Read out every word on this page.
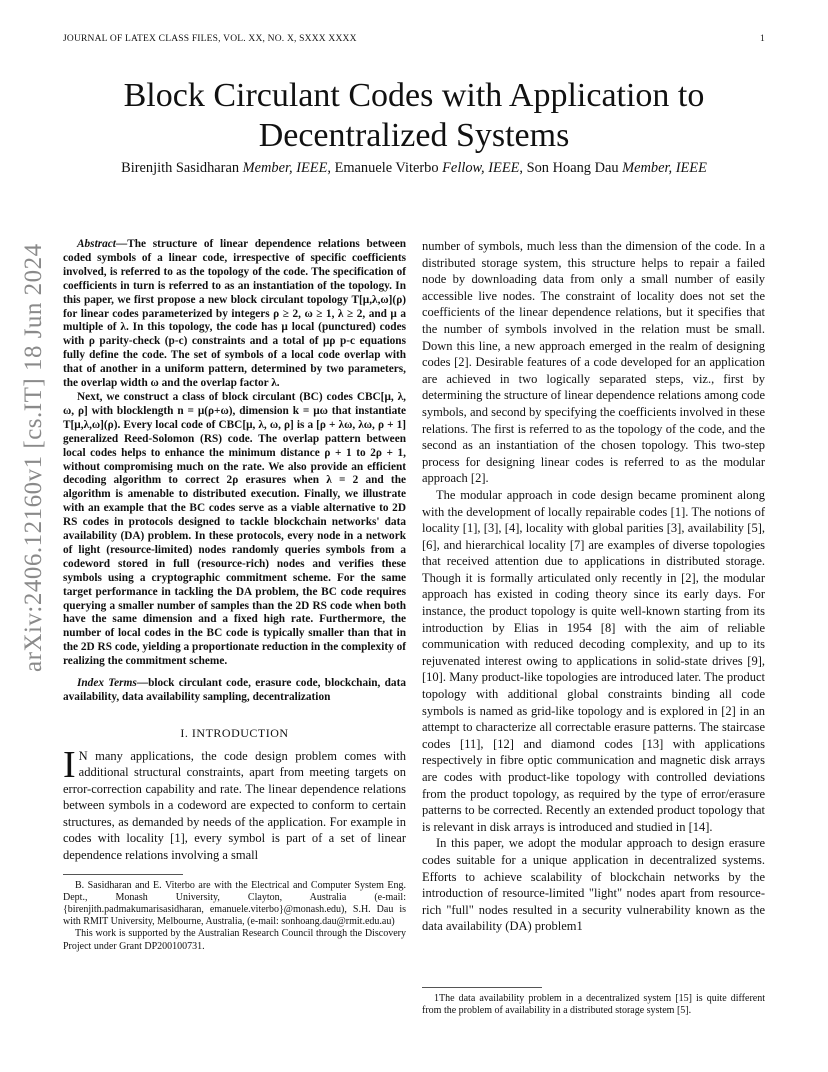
JOURNAL OF LATEX CLASS FILES, VOL. XX, NO. X, SXXX XXXX	1
arXiv:2406.12160v1 [cs.IT] 18 Jun 2024
Block Circulant Codes with Application to Decentralized Systems
Birenjith Sasidharan Member, IEEE, Emanuele Viterbo Fellow, IEEE, Son Hoang Dau Member, IEEE

Abstract—The structure of linear dependence relations between coded symbols of a linear code, irrespective of specific coefficients involved, is referred to as the topology of the code. The specification of coefficients in turn is referred to as an instantiation of the topology. In this paper, we first propose a new block circulant topology T[μ,λ,ω](ρ) for linear codes parameterized by integers ρ ≥ 2, ω ≥ 1, λ ≥ 2, and μ a multiple of λ. In this topology, the code has μ local (punctured) codes with ρ parity-check (p-c) constraints and a total of μρ p-c equations fully define the code. The set of symbols of a local code overlap with that of another in a uniform pattern, determined by two parameters, the overlap width ω and the overlap factor λ.

Next, we construct a class of block circulant (BC) codes CBC[μ, λ, ω, ρ] with blocklength n = μ(ρ+ω), dimension k = μω that instantiate T[μ,λ,ω](ρ). Every local code of CBC[μ, λ, ω, ρ] is a [ρ + λω, λω, ρ + 1] generalized Reed-Solomon (RS) code. The overlap pattern between local codes helps to enhance the minimum distance ρ + 1 to 2ρ + 1, without compromising much on the rate. We also provide an efficient decoding algorithm to correct 2ρ erasures when λ = 2 and the algorithm is amenable to distributed execution. Finally, we illustrate with an example that the BC codes serve as a viable alternative to 2D RS codes in protocols designed to tackle blockchain networks' data availability (DA) problem. In these protocols, every node in a network of light (resource-limited) nodes randomly queries symbols from a codeword stored in full (resource-rich) nodes and verifies these symbols using a cryptographic commitment scheme. For the same target performance in tackling the DA problem, the BC code requires querying a smaller number of samples than the 2D RS code when both have the same dimension and a fixed high rate. Furthermore, the number of local codes in the BC code is typically smaller than that in the 2D RS code, yielding a proportionate reduction in the complexity of realizing the commitment scheme.

Index Terms—block circulant code, erasure code, blockchain, data availability, data availability sampling, decentralization
I. INTRODUCTION

I N many applications, the code design problem comes with additional structural constraints, apart from meeting targets on error-correction capability and rate. The linear dependence relations between symbols in a codeword are expected to conform to certain structures, as demanded by needs of the application. For example in codes with locality [1], every symbol is part of a set of linear dependence relations involving a small

B. Sasidharan and E. Viterbo are with the Electrical and Computer System Eng. Dept., Monash University, Clayton, Australia (e-mail: {birenjith.padmakumarisasidharan, emanuele.viterbo}@monash.edu), S.H. Dau is with RMIT University, Melbourne, Australia, (e-mail: sonhoang.dau@rmit.edu.au)

This work is supported by the Australian Research Council through the Discovery Project under Grant DP200100731.

number of symbols, much less than the dimension of the code. In a distributed storage system, this structure helps to repair a failed node by downloading data from only a small number of easily accessible live nodes. The constraint of locality does not set the coefficients of the linear dependence relations, but it specifies that the number of symbols involved in the relation must be small. Down this line, a new approach emerged in the realm of designing codes [2]. Desirable features of a code developed for an application are achieved in two logically separated steps, viz., first by determining the structure of linear dependence relations among code symbols, and second by specifying the coefficients involved in these relations. The first is referred to as the topology of the code, and the second as an instantiation of the chosen topology. This two-step process for designing linear codes is referred to as the modular approach [2].

The modular approach in code design became prominent along with the development of locally repairable codes [1]. The notions of locality [1], [3], [4], locality with global parities [3], availability [5], [6], and hierarchical locality [7] are examples of diverse topologies that received attention due to applications in distributed storage. Though it is formally articulated only recently in [2], the modular approach has existed in coding theory since its early days. For instance, the product topology is quite well-known starting from its introduction by Elias in 1954 [8] with the aim of reliable communication with reduced decoding complexity, and up to its rejuvenated interest owing to applications in solid-state drives [9], [10]. Many product-like topologies are introduced later. The product topology with additional global constraints binding all code symbols is named as grid-like topology and is explored in [2] in an attempt to characterize all correctable erasure patterns. The staircase codes [11], [12] and diamond codes [13] with applications respectively in fibre optic communication and magnetic disk arrays are codes with product-like topology with controlled deviations from the product topology, as required by the type of error/erasure patterns to be corrected. Recently an extended product topology that is relevant in disk arrays is introduced and studied in [14].

In this paper, we adopt the modular approach to design erasure codes suitable for a unique application in decentralized systems. Efforts to achieve scalability of blockchain networks by the introduction of resource-limited "light" nodes apart from resource-rich "full" nodes resulted in a security vulnerability known as the data availability (DA) problem1

1The data availability problem in a decentralized system [15] is quite different from the problem of availability in a distributed storage system [5].
